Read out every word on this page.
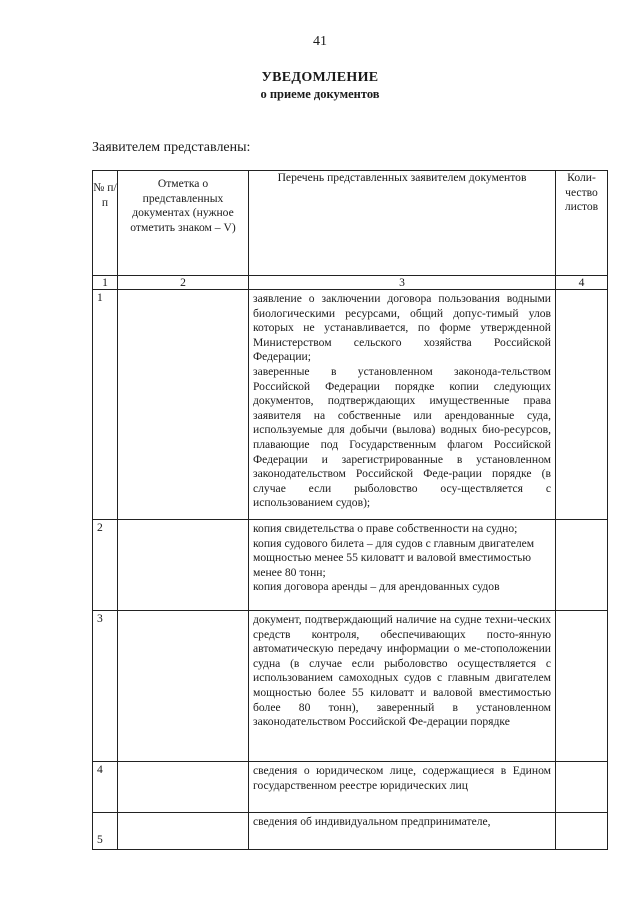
41
УВЕДОМЛЕНИЕ
о приеме документов
Заявителем представлены:
№ п/п	Отметка о представленных документах (нужное отметить знаком – V)	Перечень представленных заявителем документов	Коли-чество листов
1	2	3	4
1		заявление о заключении договора пользования водными биологическими ресурсами, общий допус-тимый улов которых не устанавливается, по форме утвержденной Министерством сельского хозяйства Российской Федерации;
заверенные в установленном законода-тельством Российской Федерации порядке копии следующих документов, подтверждающих имущественные права заявителя на собственные или арендованные суда, используемые для добычи (вылова) водных био-ресурсов, плавающие под Государственным флагом Российской Федерации и зарегистрированные в установленном законодательством Российской Феде-рации порядке (в случае если рыболовство осу-ществляется с использованием судов);	

2		копия свидетельства о праве собственности на судно;
копия судового билета – для судов с главным двигателем мощностью менее 55 киловатт и валовой вместимостью менее 80 тонн;
копия договора аренды – для арендованных судов	

3		документ, подтверждающий наличие на судне техни-ческих средств контроля, обеспечивающих посто-янную автоматическую передачу информации о ме-стоположении судна (в случае если рыболовство осуществляется с использованием самоходных судов с главным двигателем мощностью более 55 киловатт и валовой вместимостью более 80 тонн), заверенный в установленном законодательством Российской Фе-дерации порядке	

4		сведения о юридическом лице, содержащиеся в Едином государственном реестре юридических лиц	

5		сведения об индивидуальном предпринимателе,	
